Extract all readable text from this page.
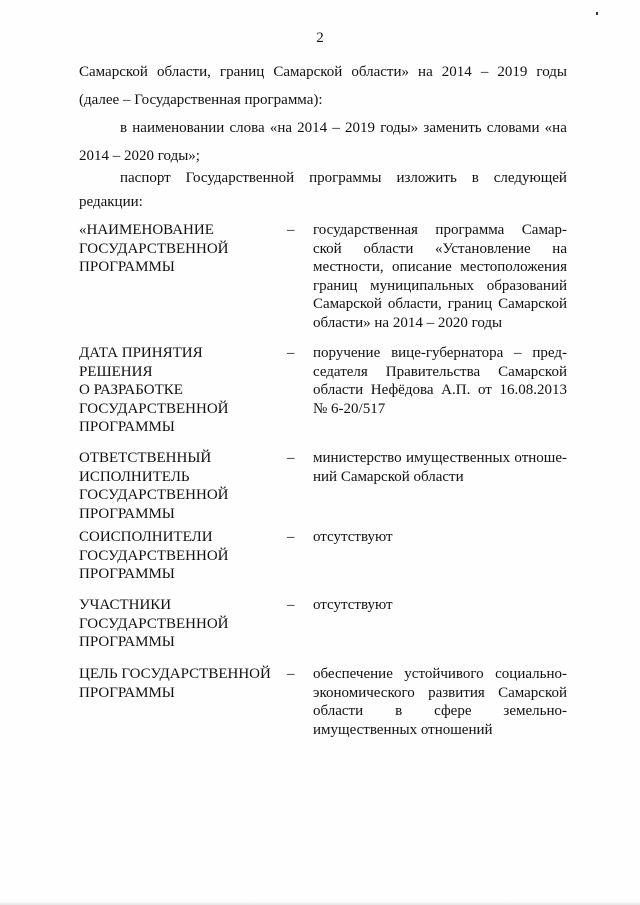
2
Самарской области, границ Самарской области» на 2014 – 2019 годы
(далее – Государственная программа):
в наименовании слова «на 2014 – 2019 годы» заменить словами «на
2014 – 2020 годы»;
паспорт Государственной программы изложить в следующей
редакции:
«НАИМЕНОВАНИЕ
ГОСУДАРСТВЕННОЙ
ПРОГРАММЫ
–	государственная программа Самар-
ской области «Установление на
местности, описание местоположения
границ муниципальных образований
Самарской области, границ Самарской
области» на 2014 – 2020 годы
ДАТА ПРИНЯТИЯ
РЕШЕНИЯ
О РАЗРАБОТКЕ
ГОСУДАРСТВЕННОЙ
ПРОГРАММЫ
–	поручение вице-губернатора – пред-
седателя Правительства Самарской
области Нефёдова А.П. от 16.08.2013
№ 6-20/517
ОТВЕТСТВЕННЫЙ
ИСПОЛНИТЕЛЬ
ГОСУДАРСТВЕННОЙ
ПРОГРАММЫ
–	министерство имущественных отноше-
ний Самарской области
СОИСПОЛНИТЕЛИ
ГОСУДАРСТВЕННОЙ
ПРОГРАММЫ
–	отсутствуют
УЧАСТНИКИ
ГОСУДАРСТВЕННОЙ
ПРОГРАММЫ
–	отсутствуют
ЦЕЛЬ ГОСУДАРСТВЕННОЙ
ПРОГРАММЫ
–	обеспечение устойчивого социально-
экономического развития Самарской
области в сфере земельно-
имущественных отношений
